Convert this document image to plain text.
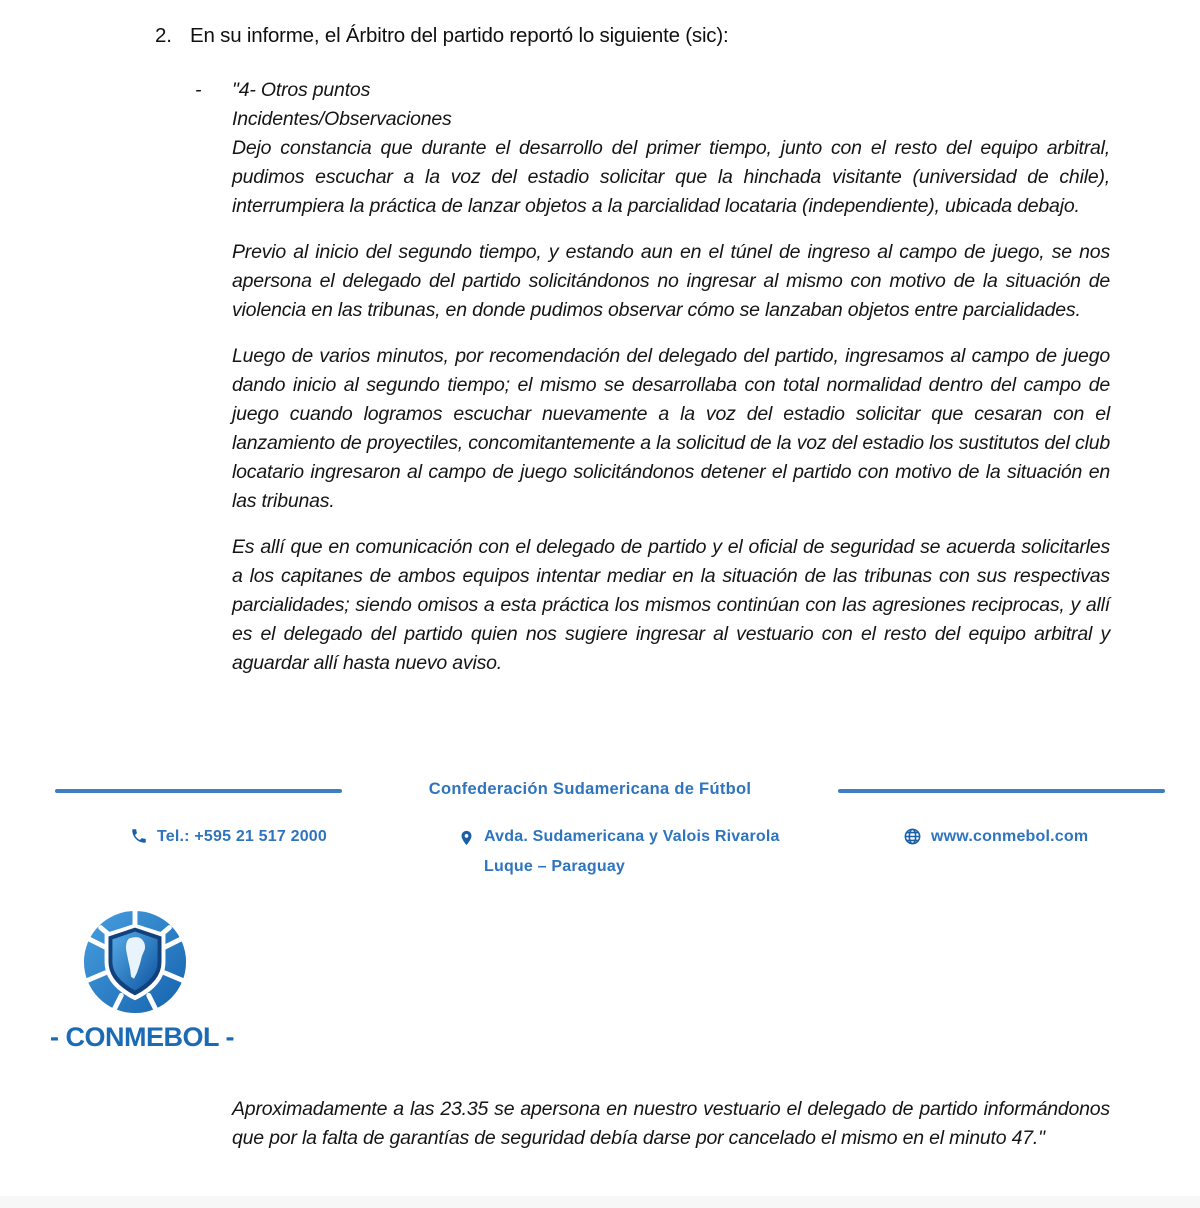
2. En su informe, el Árbitro del partido reportó lo siguiente (sic):
-	"4- Otros puntos
Incidentes/Observaciones
Dejo constancia que durante el desarrollo del primer tiempo, junto con el resto del equipo arbitral, pudimos escuchar a la voz del estadio solicitar que la hinchada visitante (universidad de chile), interrumpiera la práctica de lanzar objetos a la parcialidad locataria (independiente), ubicada debajo.
Previo al inicio del segundo tiempo, y estando aun en el túnel de ingreso al campo de juego, se nos apersona el delegado del partido solicitándonos no ingresar al mismo con motivo de la situación de violencia en las tribunas, en donde pudimos observar cómo se lanzaban objetos entre parcialidades.
Luego de varios minutos, por recomendación del delegado del partido, ingresamos al campo de juego dando inicio al segundo tiempo; el mismo se desarrollaba con total normalidad dentro del campo de juego cuando logramos escuchar nuevamente a la voz del estadio solicitar que cesaran con el lanzamiento de proyectiles, concomitantemente a la solicitud de la voz del estadio los sustitutos del club locatario ingresaron al campo de juego solicitándonos detener el partido con motivo de la situación en las tribunas.
Es allí que en comunicación con el delegado de partido y el oficial de seguridad se acuerda solicitarles a los capitanes de ambos equipos intentar mediar en la situación de las tribunas con sus respectivas parcialidades; siendo omisos a esta práctica los mismos continúan con las agresiones reciprocas, y allí es el delegado del partido quien nos sugiere ingresar al vestuario con el resto del equipo arbitral y aguardar allí hasta nuevo aviso.
Confederación Sudamericana de Fútbol
Tel.: +595 21 517 2000	Avda. Sudamericana y Valois Rivarola
Luque – Paraguay
www.conmebol.com
- CONMEBOL -
Aproximadamente a las 23.35 se apersona en nuestro vestuario el delegado de partido informándonos que por la falta de garantías de seguridad debía darse por cancelado el mismo en el minuto 47."
